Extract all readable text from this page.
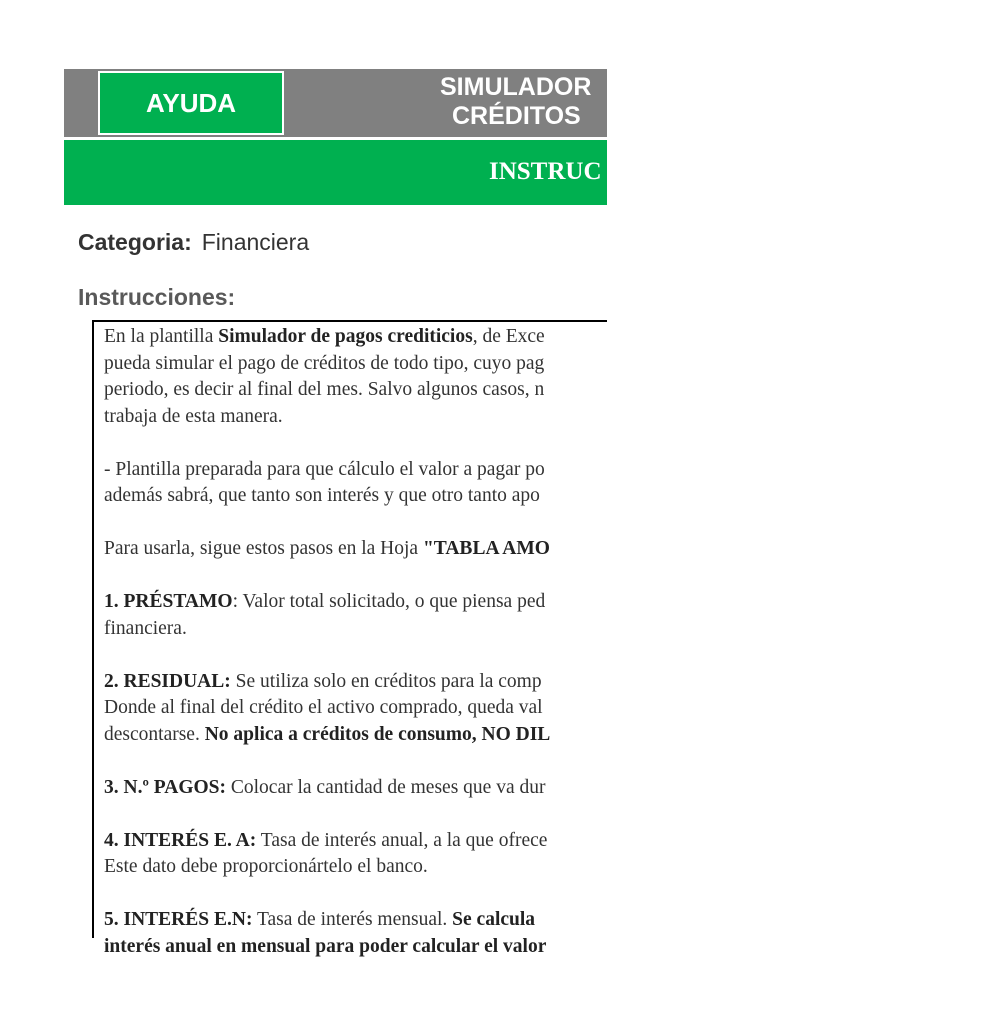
AYUDA
SIMULADOR
CRÉDITOS
INSTRUC
Categoria: Financiera
Instrucciones:

En la plantilla Simulador de pagos crediticios, de Exce
pueda simular el pago de créditos de todo tipo, cuyo pag
periodo, es decir al final del mes. Salvo algunos casos, n
trabaja de esta manera.

- Plantilla preparada para que cálculo el valor a pagar po
además sabrá, que tanto son interés y que otro tanto apo

Para usarla, sigue estos pasos en la Hoja "TABLA AMO

1. PRÉSTAMO: Valor total solicitado, o que piensa ped
financiera.

2. RESIDUAL: Se utiliza solo en créditos para la comp
Donde al final del crédito el activo comprado, queda val
descontarse. No aplica a créditos de consumo, NO DIL

3. N.º PAGOS: Colocar la cantidad de meses que va dur

4. INTERÉS E. A: Tasa de interés anual, a la que ofrece
Este dato debe proporcionártelo el banco.

5. INTERÉS E.N: Tasa de interés mensual. Se calcula
interés anual en mensual para poder calcular el valor
